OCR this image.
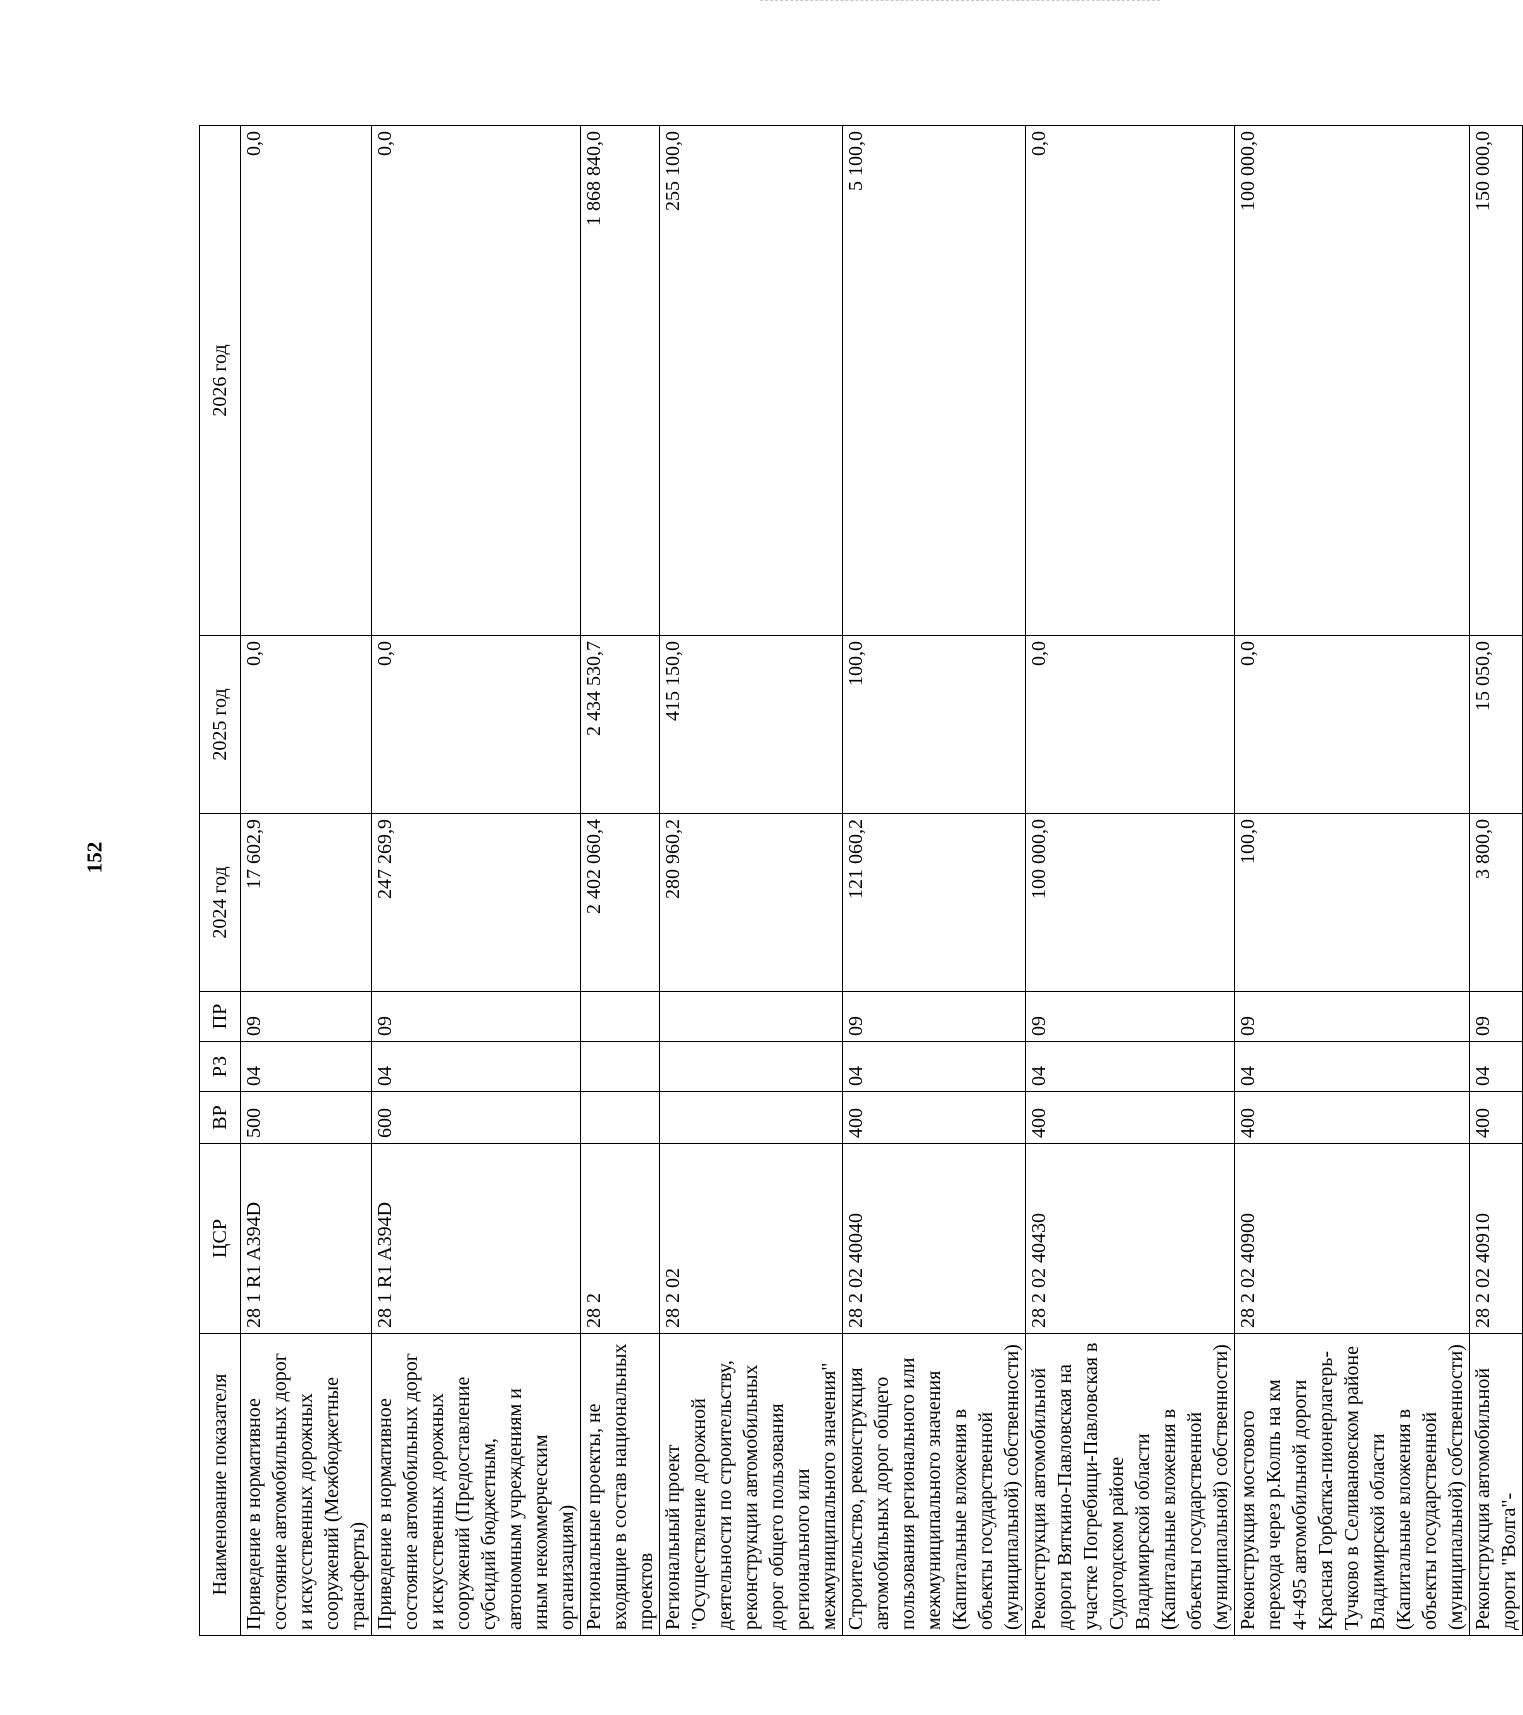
152
Наименование показателя	ЦСР	ВР	РЗ	ПР	2024 год	2025 год	2026 год
Приведение в нормативное состояние автомобильных дорог и искусственных дорожных сооружений (Межбюджетные трансферты)	28 1 R1 A394D	500	04	09	17 602,9	0,0	0,0
Приведение в нормативное состояние автомобильных дорог и искусственных дорожных сооружений (Предоставление субсидий бюджетным, автономным учреждениям и иным некоммерческим организациям)	28 1 R1 A394D	600	04	09	247 269,9	0,0	0,0
Региональные проекты, не входящие в состав национальных проектов	28 2				2 402 060,4	2 434 530,7	1 868 840,0
Региональный проект "Осуществление дорожной деятельности по строительству, реконструкции автомобильных дорог общего пользования регионального или межмуниципального значения"	28 2 02				280 960,2	415 150,0	255 100,0
Строительство, реконструкция автомобильных дорог общего пользования регионального или межмуниципального значения (Капитальные вложения в объекты государственной (муниципальной) собственности)	28 2 02 40040	400	04	09	121 060,2	100,0	5 100,0
Реконструкция автомобильной дороги Вяткино-Павловская на участке Погребищи-Павловская в Судогодском районе Владимирской области (Капитальные вложения в объекты государственной (муниципальной) собственности)	28 2 02 40430	400	04	09	100 000,0	0,0	0,0
Реконструкция мостового перехода через р.Колпь на км 4+495 автомобильной дороги Красная Горбатка-пионерлагерь-Тучково в Селивановском районе Владимирской области (Капитальные вложения в объекты государственной (муниципальной) собственности)	28 2 02 40900	400	04	09	100,0	0,0	100 000,0
Реконструкция автомобильной дороги "Волга"-	28 2 02 40910	400	04	09	3 800,0	15 050,0	150 000,0
